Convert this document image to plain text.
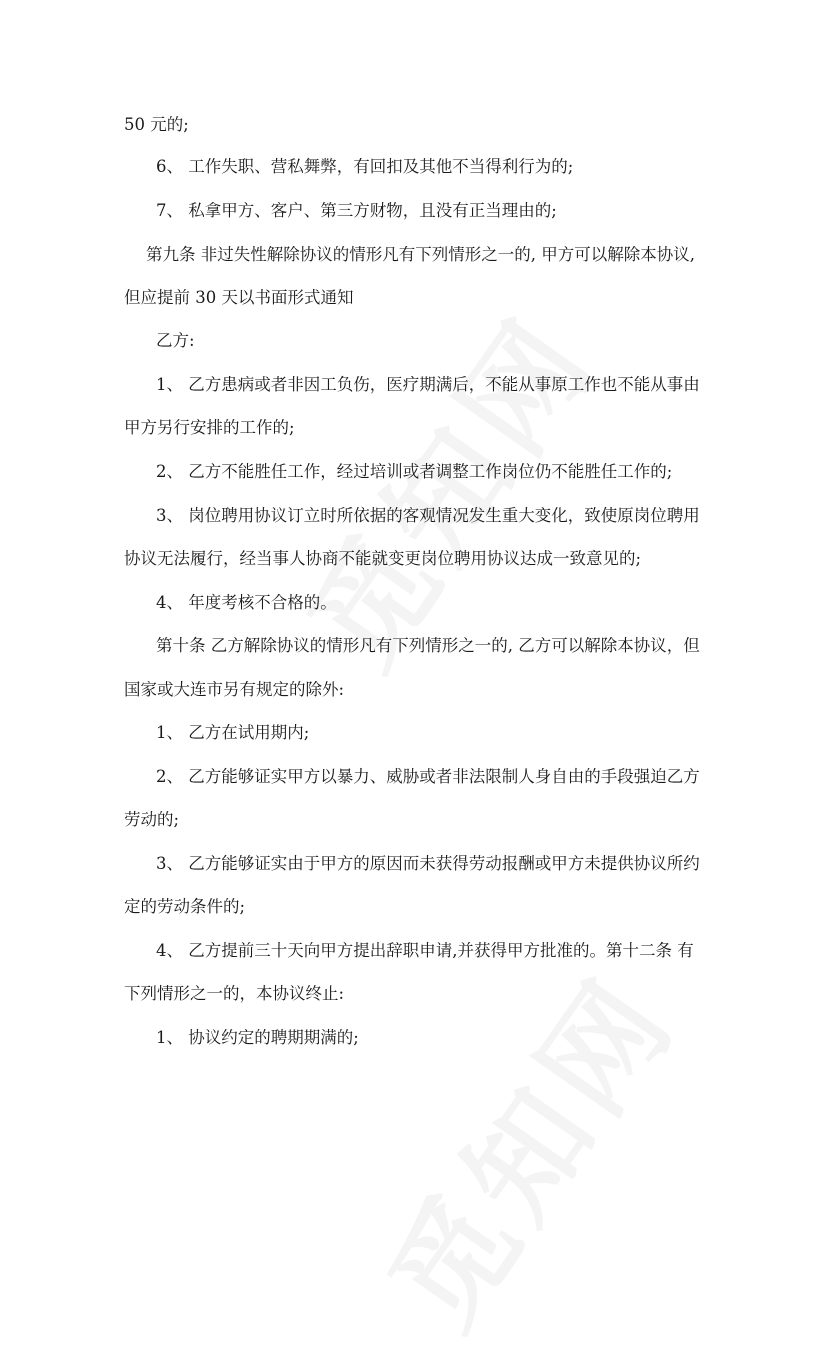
50 元的;
6、 工作失职、营私舞弊，有回扣及其他不当得利行为的;
7、 私拿甲方、客户、第三方财物，且没有正当理由的;
第九条 非过失性解除协议的情形凡有下列情形之一的, 甲方可以解除本协议,
但应提前 30 天以书面形式通知
乙方:
1、 乙方患病或者非因工负伤，医疗期满后，不能从事原工作也不能从事由
甲方另行安排的工作的;
2、 乙方不能胜任工作，经过培训或者调整工作岗位仍不能胜任工作的;
3、 岗位聘用协议订立时所依据的客观情况发生重大变化，致使原岗位聘用
协议无法履行，经当事人协商不能就变更岗位聘用协议达成一致意见的;
4、 年度考核不合格的。
第十条 乙方解除协议的情形凡有下列情形之一的, 乙方可以解除本协议，但
国家或大连市另有规定的除外:
1、 乙方在试用期内;
2、 乙方能够证实甲方以暴力、威胁或者非法限制人身自由的手段强迫乙方
劳动的;
3、 乙方能够证实由于甲方的原因而未获得劳动报酬或甲方未提供协议所约
定的劳动条件的;
4、 乙方提前三十天向甲方提出辞职申请,并获得甲方批准的。第十二条 有
下列情形之一的，本协议终止:
1、 协议约定的聘期期满的;
